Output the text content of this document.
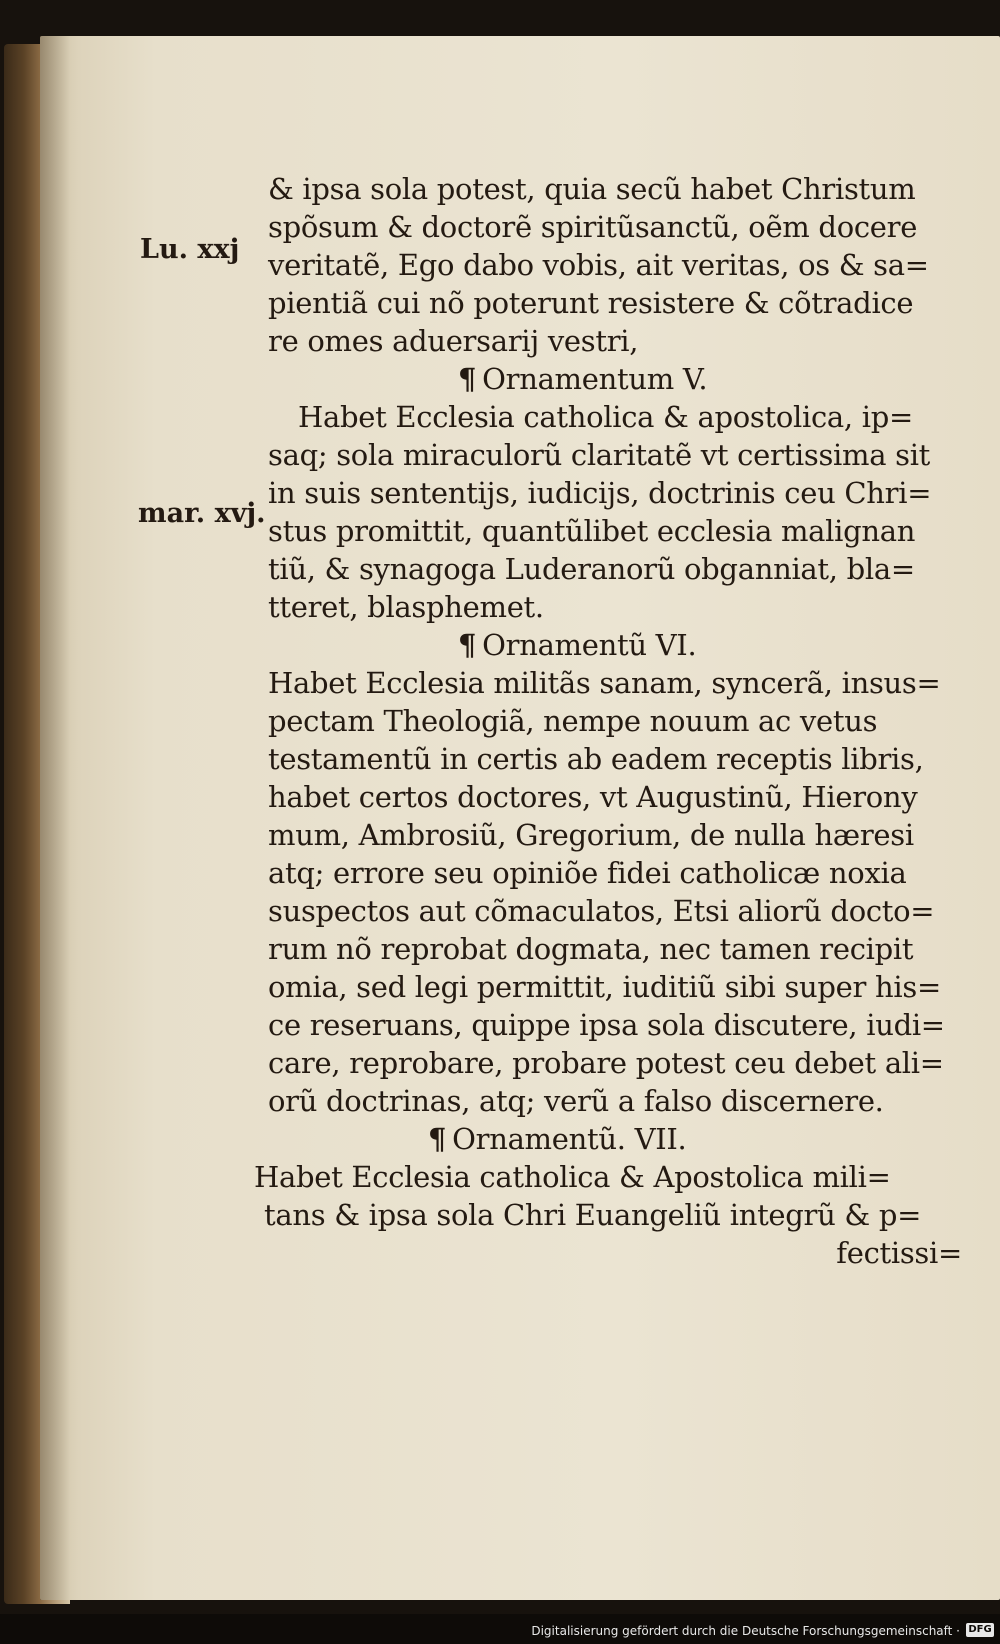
Lu. xxj
mar. xvj.
& ipsa sola potest, quia secũ habet Christum
spõsum & doctorẽ spiritũsanctũ, oẽm docere
veritatẽ, Ego dabo vobis, ait veritas, os & sa=
pientiã cui nõ poterunt resistere & cõtradice
re omes aduersarij vestri,
¶ Ornamentum V.
Habet Ecclesia catholica & apostolica, ip=
saq; sola miraculorũ claritatẽ vt certissima sit
in suis sententijs, iudicijs, doctrinis ceu Chri=
stus promittit, quantũlibet ecclesia malignan
tiũ, & synagoga Luderanorũ obganniat, bla=
tteret, blasphemet.
¶ Ornamentũ VI.
Habet Ecclesia militãs sanam, syncerã, insus=
pectam Theologiã, nempe nouum ac vetus
testamentũ in certis ab eadem receptis libris,
habet certos doctores, vt Augustinũ, Hierony
mum, Ambrosiũ, Gregorium, de nulla hæresi
atq; errore seu opiniõe fidei catholicæ noxia
suspectos aut cõmaculatos, Etsi aliorũ docto=
rum nõ reprobat dogmata, nec tamen recipit
omia, sed legi permittit, iuditiũ sibi super his=
ce reseruans, quippe ipsa sola discutere, iudi=
care, reprobare, probare potest ceu debet ali=
orũ doctrinas, atq; verũ a falso discernere.
¶ Ornamentũ. VII.
Habet Ecclesia catholica & Apostolica mili=
tans & ipsa sola Chri Euangeliũ integrũ & p=
fectissi=
Digitalisierung gefördert durch die Deutsche Forschungsgemeinschaft · DFG
